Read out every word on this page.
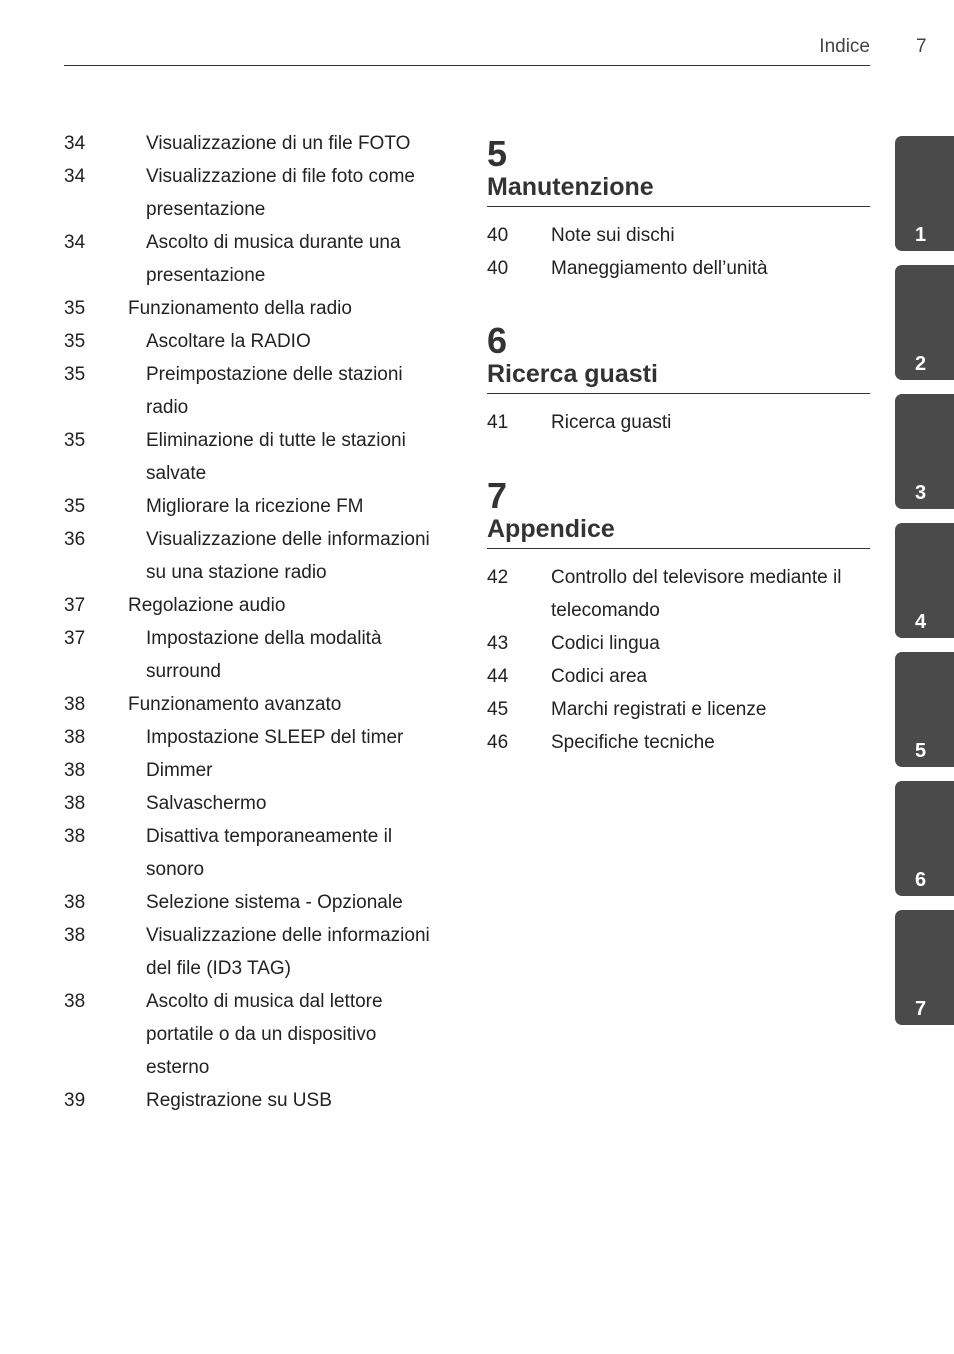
Indice 7
34	Visualizzazione di un file FOTO
34	Visualizzazione di file foto come presentazione
34	Ascolto di musica durante una presentazione
35	Funzionamento della radio
35	Ascoltare la RADIO
35	Preimpostazione delle stazioni radio
35	Eliminazione di tutte le stazioni salvate
35	Migliorare la ricezione FM
36	Visualizzazione delle informazioni su una stazione radio
37	Regolazione audio
37	Impostazione della modalità surround
38	Funzionamento avanzato
38	Impostazione SLEEP del timer
38	Dimmer
38	Salvaschermo
38	Disattiva temporaneamente il sonoro
38	Selezione sistema - Opzionale
38	Visualizzazione delle informazioni del file (ID3 TAG)
38	Ascolto di musica dal lettore portatile o da un dispositivo esterno
39	Registrazione su USB
5
Manutenzione
40	Note sui dischi
40	Maneggiamento dell’unità
6
Ricerca guasti
41	Ricerca guasti
7
Appendice
42	Controllo del televisore mediante il telecomando
43	Codici lingua
44	Codici area
45	Marchi registrati e licenze
46	Specifiche tecniche
1
2
3
4
5
6
7
